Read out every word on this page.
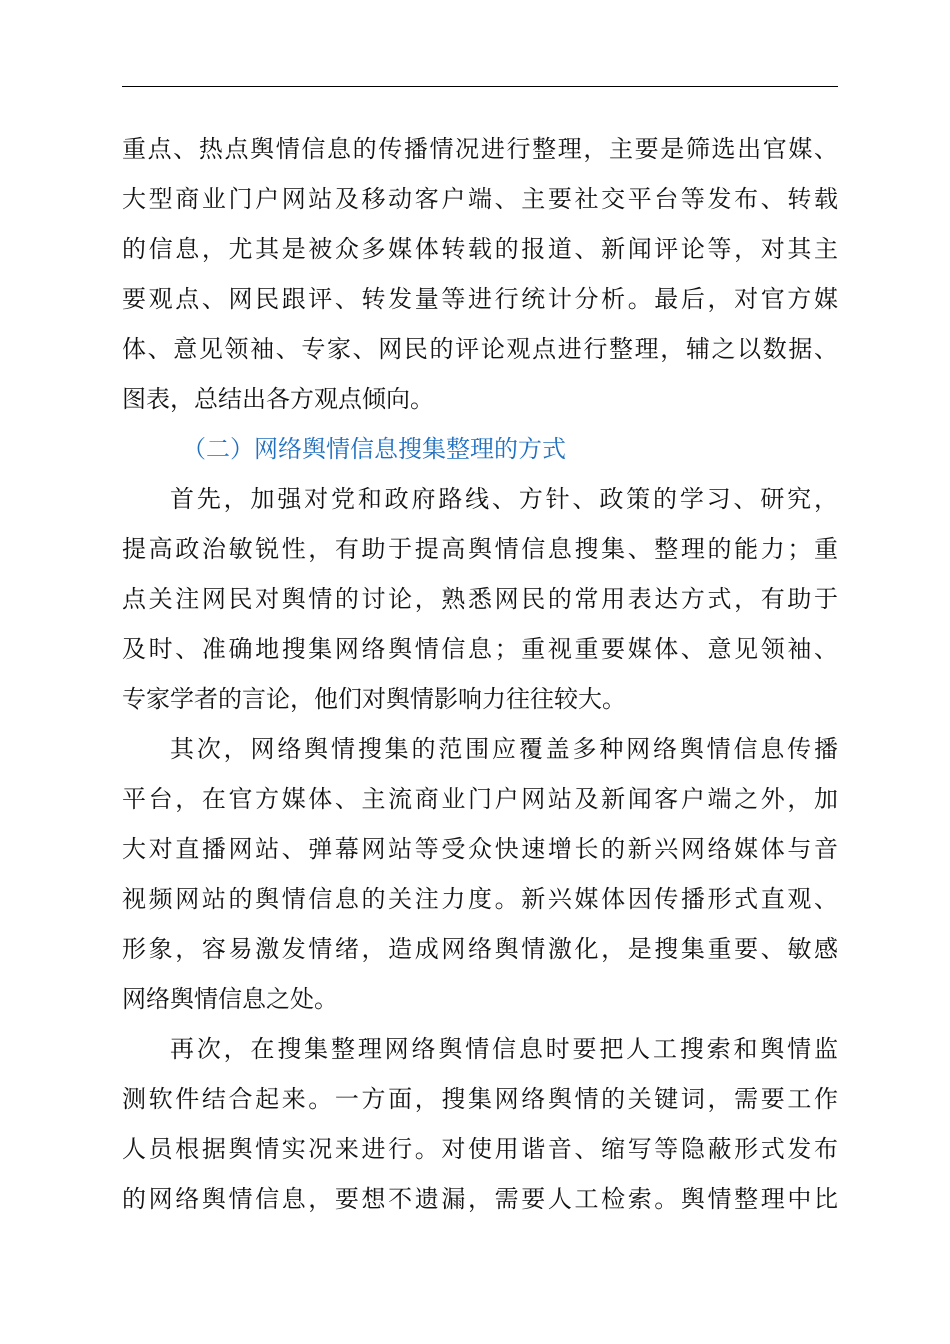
重点、热点舆情信息的传播情况进行整理，主要是筛选出官媒、
大型商业门户网站及移动客户端、主要社交平台等发布、转载
的信息，尤其是被众多媒体转载的报道、新闻评论等，对其主
要观点、网民跟评、转发量等进行统计分析。最后，对官方媒
体、意见领袖、专家、网民的评论观点进行整理，辅之以数据、
图表，总结出各方观点倾向。
（二）网络舆情信息搜集整理的方式
首先，加强对党和政府路线、方针、政策的学习、研究，
提高政治敏锐性，有助于提高舆情信息搜集、整理的能力；重
点关注网民对舆情的讨论，熟悉网民的常用表达方式，有助于
及时、准确地搜集网络舆情信息；重视重要媒体、意见领袖、
专家学者的言论，他们对舆情影响力往往较大。
其次，网络舆情搜集的范围应覆盖多种网络舆情信息传播
平台，在官方媒体、主流商业门户网站及新闻客户端之外，加
大对直播网站、弹幕网站等受众快速增长的新兴网络媒体与音
视频网站的舆情信息的关注力度。新兴媒体因传播形式直观、
形象，容易激发情绪，造成网络舆情激化，是搜集重要、敏感
网络舆情信息之处。
再次，在搜集整理网络舆情信息时要把人工搜索和舆情监
测软件结合起来。一方面，搜集网络舆情的关键词，需要工作
人员根据舆情实况来进行。对使用谐音、缩写等隐蔽形式发布
的网络舆情信息，要想不遗漏，需要人工检索。舆情整理中比
